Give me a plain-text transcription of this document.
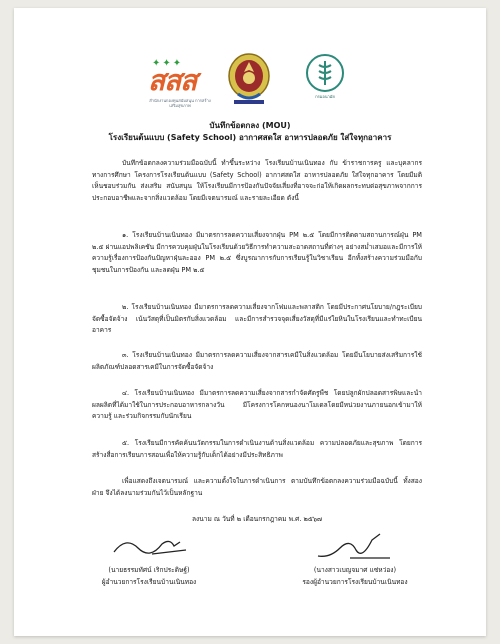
✦✦✦
สสส
สำนักงานกองทุนสนับสนุน การสร้างเสริมสุขภาพ
กรมอนามัย

บันทึกข้อตกลง (MOU)

โรงเรียนต้นแบบ (Safety School) อากาศสดใส อาหารปลอดภัย ใส่ใจทุกอาคาร

บันทึกข้อตกลงความร่วมมือฉบับนี้ ทำขึ้นระหว่าง โรงเรียนบ้านเนินทอง กับ ข้าราชการครู และบุคลากรทางการศึกษา โครงการโรงเรียนต้นแบบ (Safety School) อากาศสดใส อาหารปลอดภัย ใส่ใจทุกอาคาร โดยมีมติเห็นชอบร่วมกัน ส่งเสริม สนับสนุน ให้โรงเรียนมีการป้องกันปัจจัยเสี่ยงที่อาจจะก่อให้เกิดผลกระทบต่อสุขภาพจากการประกอบอาชีพและจากสิ่งแวดล้อม โดยมีเจตนารมณ์ และรายละเอียด ดังนี้

๑. โรงเรียนบ้านเนินทอง มีมาตรการลดความเสี่ยงจากฝุ่น PM ๒.๕ โดยมีการติดตามสถานการณ์ฝุ่น PM ๒.๕ ผ่านแอปพลิเคชัน มีการควบคุมฝุ่นในโรงเรียนด้วยวิธีการทำความสะอาดสถานที่ต่างๆ อย่างสม่ำเสมอและมีการให้ความรู้เรื่องการป้องกันปัญหาฝุ่นละออง PM ๒.๕ ซึ่งบูรณาการกับการเรียนรู้ในวิชาเรียน อีกทั้งสร้างความร่วมมือกับชุมชนในการป้องกัน และลดฝุ่น PM ๒.๕

๒. โรงเรียนบ้านเนินทอง มีมาตรการลดความเสี่ยงจากโฟมและพลาสติก โดยมีประกาศนโยบาย/กฎระเบียบจัดซื้อจัดจ้าง เน้นวัสดุที่เป็นมิตรกับสิ่งแวดล้อม และมีการสำรวจจุดเสี่ยงวัสดุที่มีแร่ใยหินในโรงเรียนและทำทะเบียนอาคาร

๓. โรงเรียนบ้านเนินทอง มีมาตรการลดความเสี่ยงจากสารเคมีในสิ่งแวดล้อม โดยมีนโยบายส่งเสริมการใช้ผลิตภัณฑ์ปลอดสารเคมีในการจัดซื้อจัดจ้าง

๔. โรงเรียนบ้านเนินทอง มีมาตรการลดความเสี่ยงจากสารกำจัดศัตรูพืช โดยปลูกผักปลอดสารพิษและนำผลผลิตที่ได้มาใช้ในการประกอบอาหารกลางวัน มีโครงการโคกหนองนาโมเดลโดยมีหน่วยงานภายนอกเข้ามาให้ความรู้ และร่วมกิจกรรมกับนักเรียน

๕. โรงเรียนมีการคัดค้นนวัตกรรมในการดำเนินงานด้านสิ่งแวดล้อม ความปลอดภัยและสุขภาพ โดยการสร้างสื่อการเรียนการสอนเพื่อให้ความรู้กับเด็กได้อย่างมีประสิทธิภาพ

เพื่อแสดงถึงเจตนารมณ์ และความตั้งใจในการดำเนินการ ตามบันทึกข้อตกลงความร่วมมือฉบับนี้ ทั้งสองฝ่าย จึงได้ลงนามร่วมกันไว้เป็นหลักฐาน

ลงนาม ณ วันที่ ๒ เดือนกรกฎาคม พ.ศ. ๒๕๖๗

(นายธรรมทัศน์ เริกประดิษฐ์)
ผู้อำนวยการโรงเรียนบ้านเนินทอง
(นางสาวเบญจมาศ แซ่หว่อง)
รองผู้อำนวยการโรงเรียนบ้านเนินทอง
